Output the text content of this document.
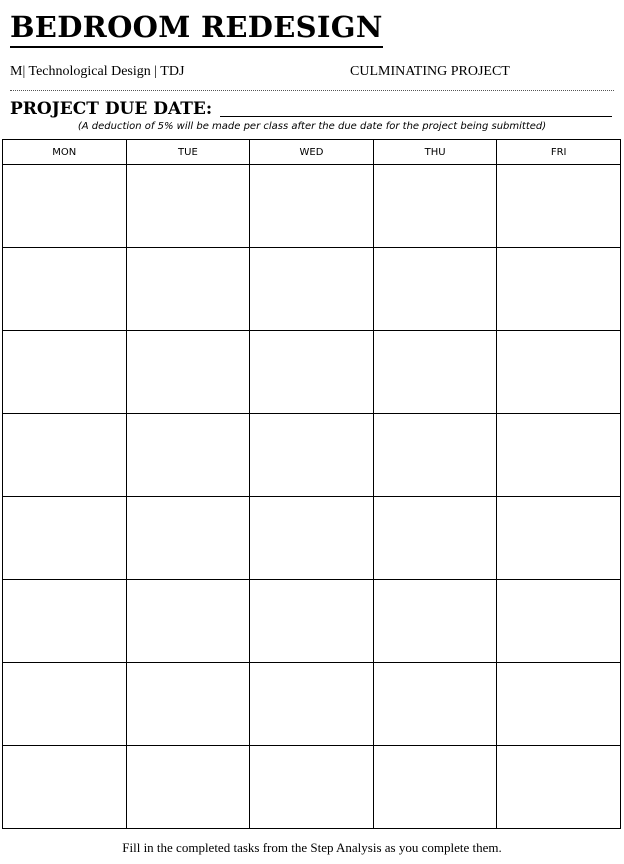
BEDROOM REDESIGN
M| Technological Design | TDJ	CULMINATING PROJECT
PROJECT DUE DATE:
(A deduction of 5% will be made per class after the due date for the project being submitted)
MON	TUE	WED	THU	FRI

Fill in the completed tasks from the Step Analysis as you complete them.
